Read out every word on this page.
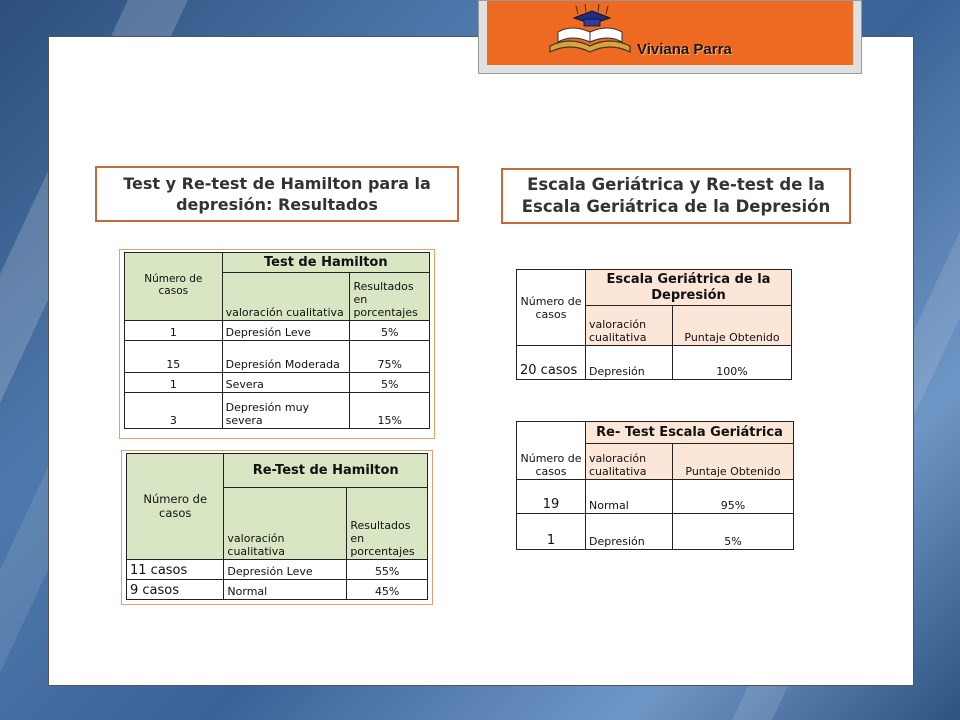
Viviana Parra
Test y Re-test de Hamilton para la depresión: Resultados
Escala Geriátrica y Re-test de la Escala Geriátrica de la Depresión
Número de casos	Test de Hamilton	
	valoración cualitativa	Resultados en porcentajes
1	Depresión Leve	5%
15	Depresión Moderada	75%
1	Severa	5%
3	Depresión muy severa	15%
Número de casos	Re-Test de Hamilton	
	valoración cualitativa	Resultados en porcentajes
11 casos	Depresión Leve	55%
9 casos	Normal	45%
Número de casos	Escala Geriátrica de la Depresión	
	valoración cualitativa	Puntaje Obtenido
20 casos	Depresión	100%
Número de casos	Re- Test Escala Geriátrica	
	valoración cualitativa	Puntaje Obtenido
19	Normal	95%
1	Depresión	5%
